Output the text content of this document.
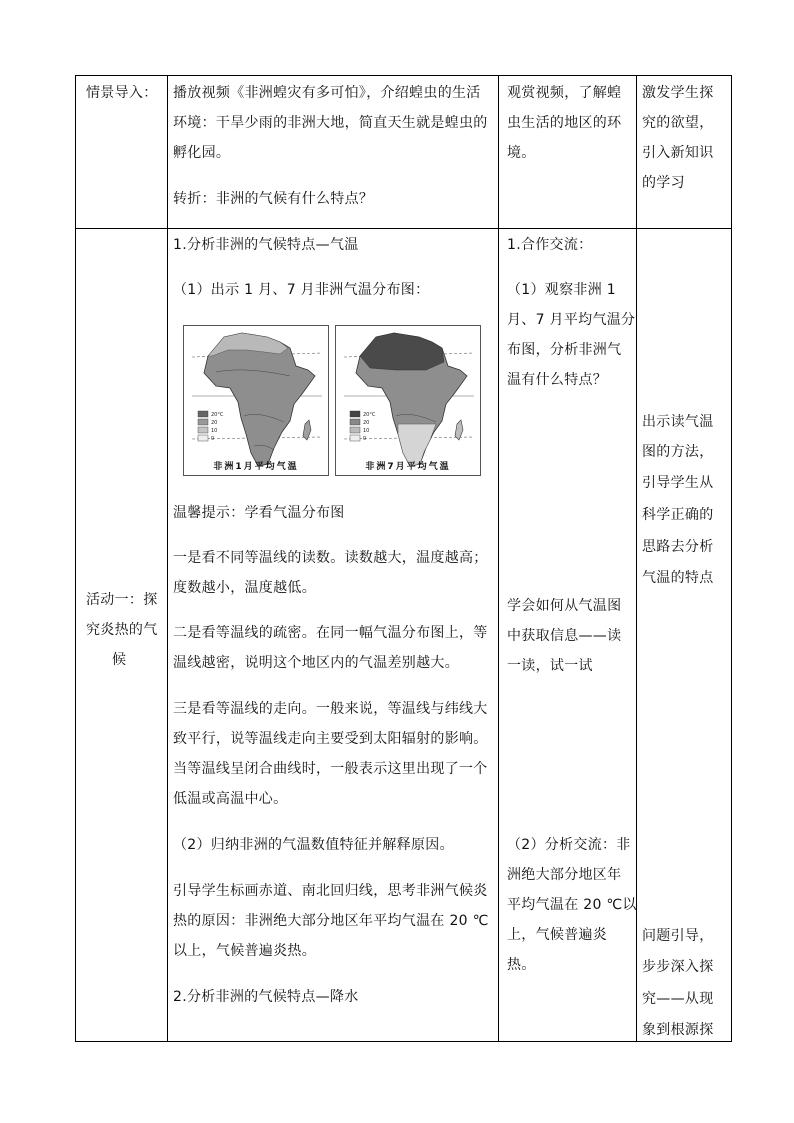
情景导入： 播放视频《非洲蝗灾有多可怕》，介绍蝗虫的生活
环境：干旱少雨的非洲大地，简直天生就是蝗虫的
孵化园。
转折：非洲的气候有什么特点？
观赏视频，了解蝗
虫生活的地区的环
境。
激发学生探
究的欲望，
引入新知识
的学习
活动一：探
究炎热的气
候
1.分析非洲的气候特点—气温
（1）出示 1 月、7 月非洲气温分布图：
20°C
20
10
0
非洲1月平均气温
20°C
20
10
0
非洲7月平均气温
温馨提示：学看气温分布图
一是看不同等温线的读数。读数越大，温度越高；
度数越小，温度越低。
二是看等温线的疏密。在同一幅气温分布图上，等
温线越密，说明这个地区内的气温差别越大。
三是看等温线的走向。一般来说，等温线与纬线大
致平行，说等温线走向主要受到太阳辐射的影响。
当等温线呈闭合曲线时，一般表示这里出现了一个
低温或高温中心。
（2）归纳非洲的气温数值特征并解释原因。
引导学生标画赤道、南北回归线，思考非洲气候炎
热的原因：非洲绝大部分地区年平均气温在 20 ℃
以上，气候普遍炎热。
2.分析非洲的气候特点—降水
1.合作交流：
（1）观察非洲 1
月、7 月平均气温分
布图，分析非洲气
温有什么特点？
学会如何从气温图
中获取信息——读
一读，试一试
（2）分析交流：非
洲绝大部分地区年
平均气温在 20 ℃以
上，气候普遍炎
热。
出示读气温
图的方法，
引导学生从
科学正确的
思路去分析
气温的特点
问题引导，
步步深入探
究——从现
象到根源探
